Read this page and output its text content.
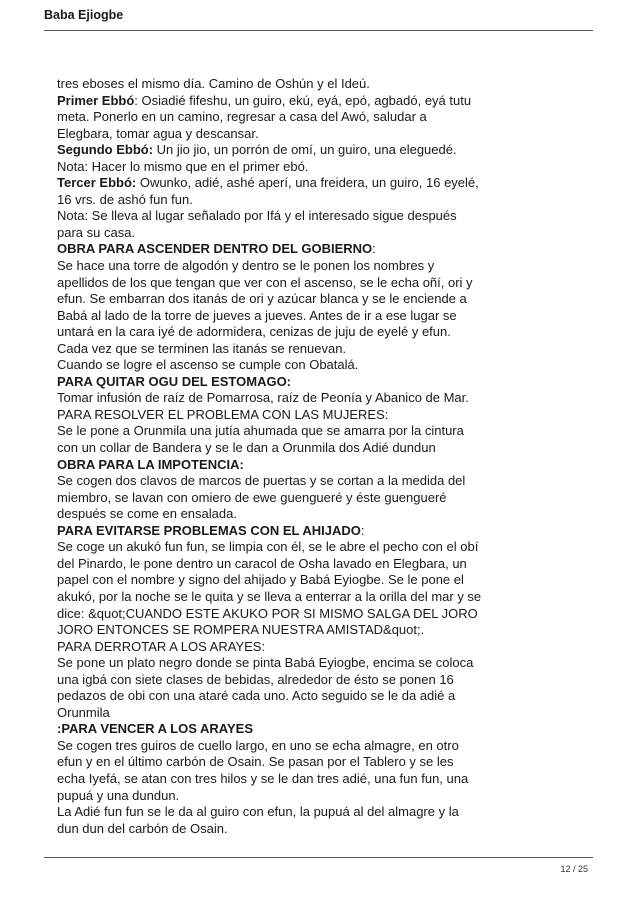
Baba Ejiogbe
tres eboses el mismo día. Camino de Oshún y el Ideú.
Primer Ebbó: Osiadié fifeshu, un guiro, ekú, eyá, epó, agbadó, eyá tutu
meta. Ponerlo en un camino, regresar a casa del Awó, saludar a
Elegbara, tomar agua y descansar.
Segundo Ebbó: Un jio jio, un porrón de omí, un guiro, una eleguedé.
Nota: Hacer lo mismo que en el primer ebó.
Tercer Ebbó: Owunko, adié, ashé aperí, una freidera, un guiro, 16 eyelé,
16 vrs. de ashó fun fun.
Nota: Se lleva al lugar señalado por Ifá y el interesado sigue después
para su casa.
OBRA PARA ASCENDER DENTRO DEL GOBIERNO:
Se hace una torre de algodón y dentro se le ponen los nombres y
apellidos de los que tengan que ver con el ascenso, se le echa oñí, ori y
efun. Se embarran dos itanás de ori y azúcar blanca y se le enciende a
Babá al lado de la torre de jueves a jueves. Antes de ir a ese lugar se
untará en la cara iyé de adormidera, cenizas de juju de eyelé y efun.
Cada vez que se terminen las itanás se renuevan.
Cuando se logre el ascenso se cumple con Obatalá.
PARA QUITAR OGU DEL ESTOMAGO:
Tomar infusión de raíz de Pomarrosa, raíz de Peonía y Abanico de Mar.
PARA RESOLVER EL PROBLEMA CON LAS MUJERES:
Se le pone a Orunmila una jutía ahumada que se amarra por la cintura
con un collar de Bandera y se le dan a Orunmila dos Adié dundun
OBRA PARA LA IMPOTENCIA:
Se cogen dos clavos de marcos de puertas y se cortan a la medida del
miembro, se lavan con omiero de ewe guengueré y éste guengueré
después se come en ensalada.
PARA EVITARSE PROBLEMAS CON EL AHIJADO:
Se coge un akukó fun fun, se limpia con él, se le abre el pecho con el obí
del Pinardo, le pone dentro un caracol de Osha lavado en Elegbara, un
papel con el nombre y signo del ahijado y Babá Eyiogbe. Se le pone el
akukó, por la noche se le quita y se lleva a enterrar a la orilla del mar y se
dice: &quot;CUANDO ESTE AKUKO POR SI MISMO SALGA DEL JORO
JORO ENTONCES SE ROMPERA NUESTRA AMISTAD&quot;.
PARA DERROTAR A LOS ARAYES:
Se pone un plato negro donde se pinta Babá Eyiogbe, encima se coloca
una igbá con siete clases de bebidas, alrededor de ésto se ponen 16
pedazos de obi con una ataré cada uno. Acto seguido se le da adié a
Orunmila
:PARA VENCER A LOS ARAYES
Se cogen tres guiros de cuello largo, en uno se echa almagre, en otro
efun y en el último carbón de Osain. Se pasan por el Tablero y se les
echa Iyefá, se atan con tres hilos y se le dan tres adié, una fun fun, una
pupuá y una dundun.
La Adié fun fun se le da al guiro con efun, la pupuá al del almagre y la
dun dun del carbón de Osain.
12 / 25
